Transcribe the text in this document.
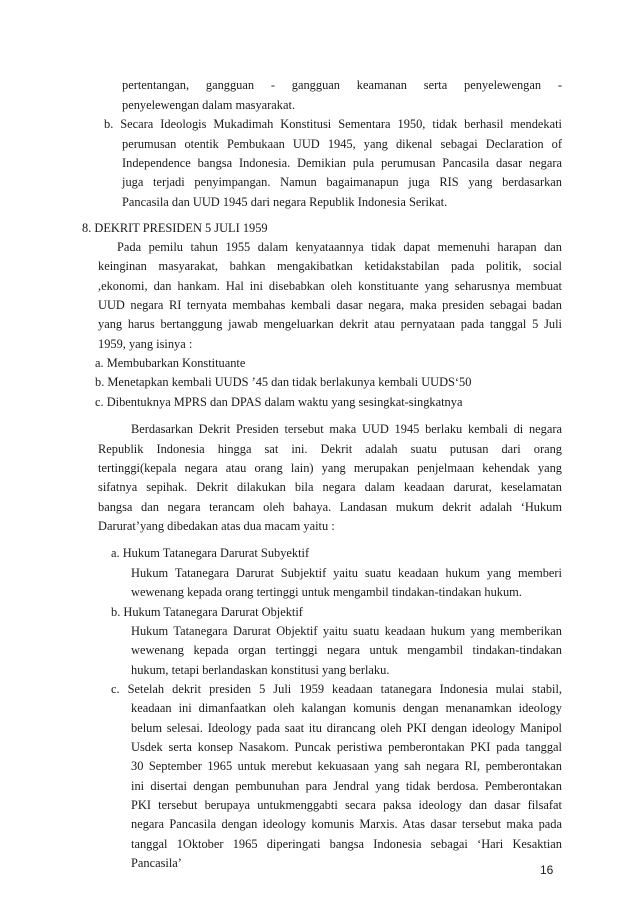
pertentangan, gangguan - gangguan keamanan serta penyelewengan -
penyelewengan dalam masyarakat.
b. Secara Ideologis Mukadimah Konstitusi Sementara 1950, tidak berhasil mendekati
perumusan otentik Pembukaan UUD 1945, yang dikenal sebagai Declaration of
Independence bangsa Indonesia. Demikian pula perumusan Pancasila dasar negara
juga terjadi penyimpangan. Namun bagaimanapun juga RIS yang berdasarkan
Pancasila dan UUD 1945 dari negara Republik Indonesia Serikat.
8. DEKRIT PRESIDEN 5 JULI 1959
Pada pemilu tahun 1955 dalam kenyataannya tidak dapat memenuhi harapan dan
keinginan masyarakat, bahkan mengakibatkan ketidakstabilan pada politik, social
,ekonomi, dan hankam. Hal ini disebabkan oleh konstituante yang seharusnya membuat
UUD negara RI ternyata membahas kembali dasar negara, maka presiden sebagai badan
yang harus bertanggung jawab mengeluarkan dekrit atau pernyataan pada tanggal 5 Juli
1959, yang isinya :
a. Membubarkan Konstituante
b. Menetapkan kembali UUDS ’45 dan tidak berlakunya kembali UUDS‘50
c. Dibentuknya MPRS dan DPAS dalam waktu yang sesingkat-singkatnya
Berdasarkan Dekrit Presiden tersebut maka UUD 1945 berlaku kembali di negara
Republik Indonesia hingga sat ini. Dekrit adalah suatu putusan dari orang
tertinggi(kepala negara atau orang lain) yang merupakan penjelmaan kehendak yang
sifatnya sepihak. Dekrit dilakukan bila negara dalam keadaan darurat, keselamatan
bangsa dan negara terancam oleh bahaya. Landasan mukum dekrit adalah ‘Hukum
Darurat’yang dibedakan atas dua macam yaitu :
a. Hukum Tatanegara Darurat Subyektif
Hukum Tatanegara Darurat Subjektif yaitu suatu keadaan hukum yang memberi
wewenang kepada orang tertinggi untuk mengambil tindakan-tindakan hukum.
b. Hukum Tatanegara Darurat Objektif
Hukum Tatanegara Darurat Objektif yaitu suatu keadaan hukum yang memberikan
wewenang kepada organ tertinggi negara untuk mengambil tindakan-tindakan
hukum, tetapi berlandaskan konstitusi yang berlaku.
c. Setelah dekrit presiden 5 Juli 1959 keadaan tatanegara Indonesia mulai stabil,
keadaan ini dimanfaatkan oleh kalangan komunis dengan menanamkan ideology
belum selesai. Ideology pada saat itu dirancang oleh PKI dengan ideology Manipol
Usdek serta konsep Nasakom. Puncak peristiwa pemberontakan PKI pada tanggal
30 September 1965 untuk merebut kekuasaan yang sah negara RI, pemberontakan
ini disertai dengan pembunuhan para Jendral yang tidak berdosa. Pemberontakan
PKI tersebut berupaya untukmenggabti secara paksa ideology dan dasar filsafat
negara Pancasila dengan ideology komunis Marxis. Atas dasar tersebut maka pada
tanggal 1Oktober 1965 diperingati bangsa Indonesia sebagai ‘Hari Kesaktian
Pancasila’	16
